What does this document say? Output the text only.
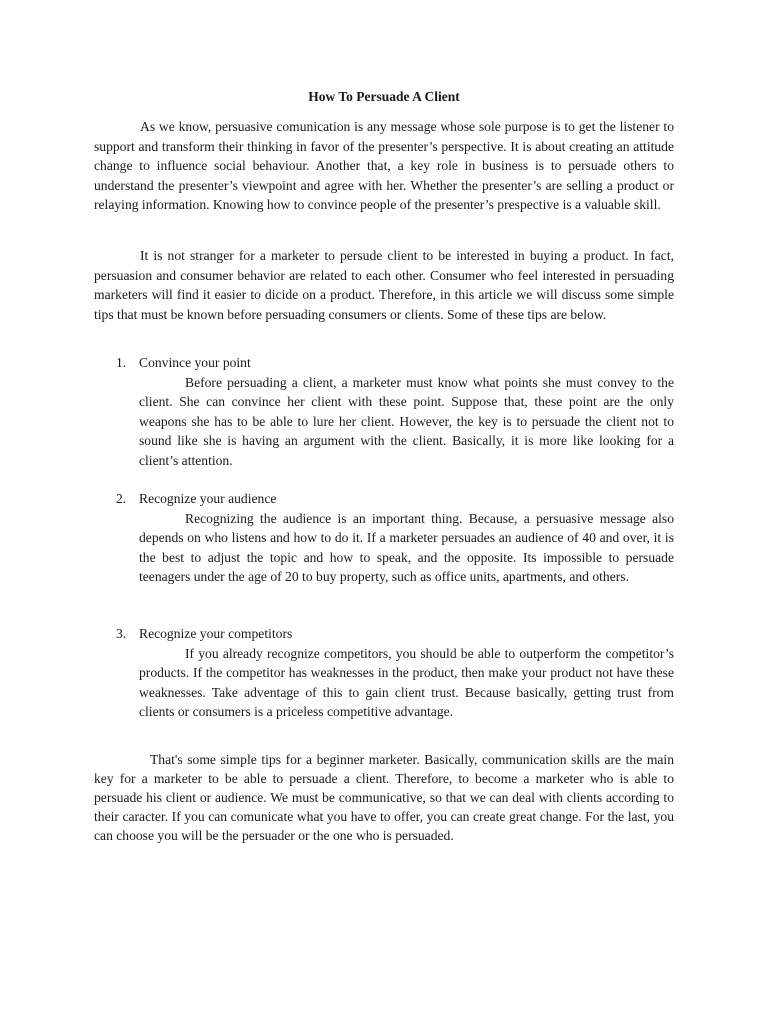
How To Persuade A Client
As we know, persuasive comunication is any message whose sole purpose is to get the listener to support and transform their thinking in favor of the presenter’s perspective. It is about creating an attitude change to influence social behaviour. Another that, a key role in business is to persuade others to understand the presenter’s viewpoint and agree with her. Whether the presenter’s are selling a product or relaying information. Knowing how to convince people of the presenter’s prespective is a valuable skill.
It is not stranger for a marketer to persude client to be interested in buying a product. In fact, persuasion and consumer behavior are related to each other. Consumer who feel interested in persuading marketers will find it easier to dicide on a product. Therefore, in this article we will discuss some simple tips that must be known before persuading consumers or clients. Some of these tips are below.
1. Convince your point
Before persuading a client, a marketer must know what points she must convey to the client. She can convince her client with these point. Suppose that, these point are the only weapons she has to be able to lure her client. However, the key is to persuade the client not to sound like she is having an argument with the client. Basically, it is more like looking for a client’s attention.
2. Recognize your audience
Recognizing the audience is an important thing. Because, a persuasive message also depends on who listens and how to do it. If a marketer persuades an audience of 40 and over, it is the best to adjust the topic and how to speak, and the opposite. Its impossible to persuade teenagers under the age of 20 to buy property, such as office units, apartments, and others.
3. Recognize your competitors
If you already recognize competitors, you should be able to outperform the competitor’s products. If the competitor has weaknesses in the product, then make your product not have these weaknesses. Take adventage of this to gain client trust. Because basically, getting trust from clients or consumers is a priceless competitive advantage.
That's some simple tips for a beginner marketer. Basically, communication skills are the main key for a marketer to be able to persuade a client. Therefore, to become a marketer who is able to persuade his client or audience. We must be communicative, so that we can deal with clients according to their caracter. If you can comunicate what you have to offer, you can create great change. For the last, you can choose you will be the persuader or the one who is persuaded.
